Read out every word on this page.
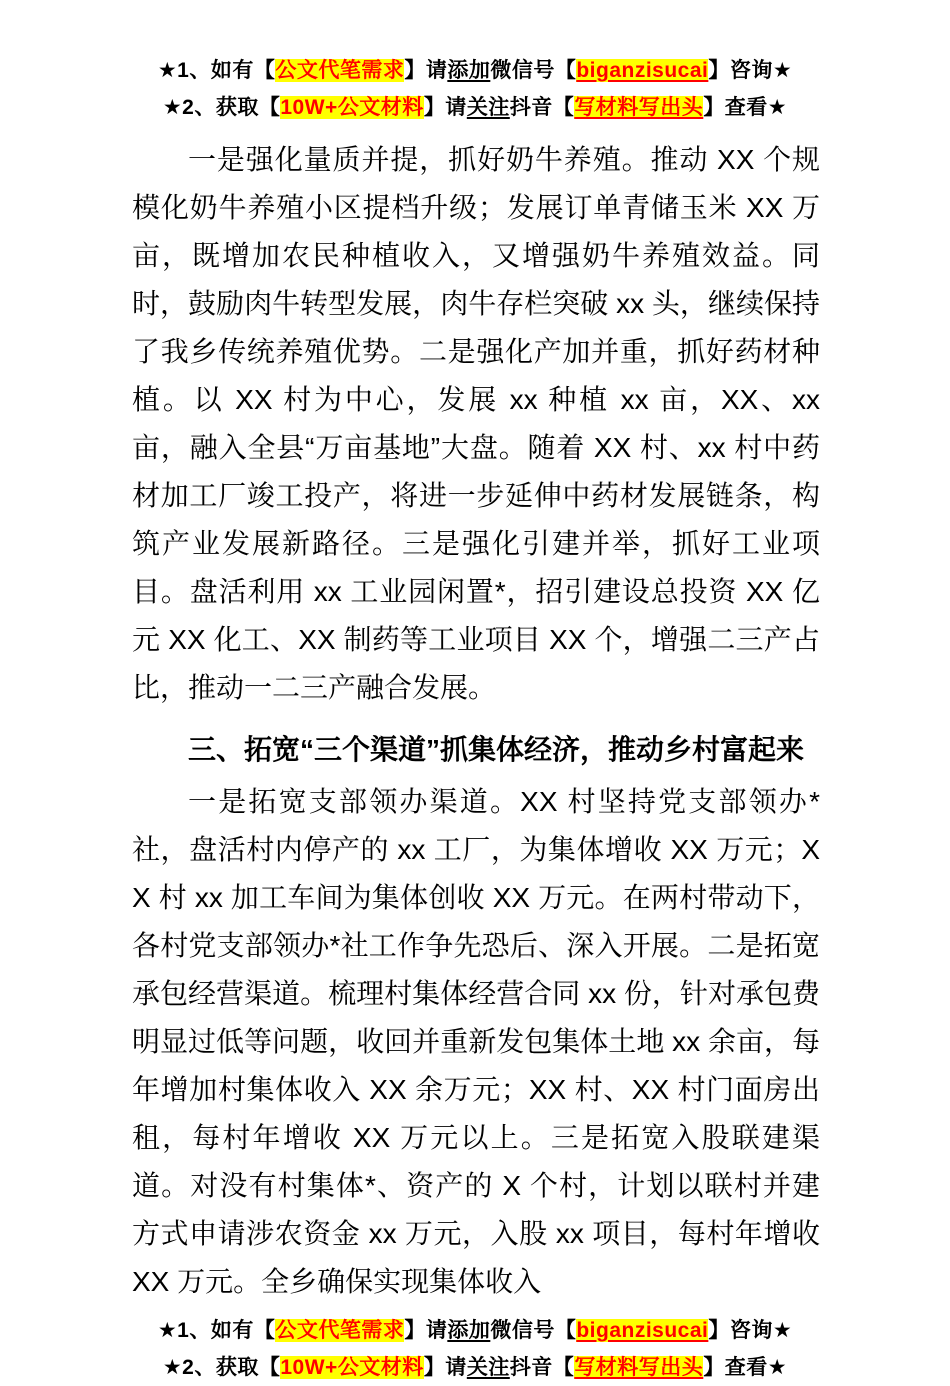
★1、如有【公文代笔需求】请添加微信号【biganzisucai】咨询★
★2、获取【10W+公文材料】请关注抖音【写材料写出头】查看★

一是强化量质并提，抓好奶牛养殖。推动 XX 个规模化奶牛养殖小区提档升级；发展订单青储玉米 XX 万亩，既增加农民种植收入，又增强奶牛养殖效益。同时，鼓励肉牛转型发展，肉牛存栏突破 xx 头，继续保持了我乡传统养殖优势。二是强化产加并重，抓好药材种植。以 XX 村为中心，发展 xx 种植 xx 亩，XX、xx 亩，融入全县“万亩基地”大盘。随着 XX 村、xx 村中药材加工厂竣工投产，将进一步延伸中药材发展链条，构筑产业发展新路径。三是强化引建并举，抓好工业项目。盘活利用 xx 工业园闲置*，招引建设总投资 XX 亿元 XX 化工、XX 制药等工业项目 XX 个，增强二三产占比，推动一二三产融合发展。

三、拓宽“三个渠道”抓集体经济，推动乡村富起来

一是拓宽支部领办渠道。XX 村坚持党支部领办*社，盘活村内停产的 xx 工厂，为集体增收 XX 万元；XX 村 xx 加工车间为集体创收 XX 万元。在两村带动下，各村党支部领办*社工作争先恐后、深入开展。二是拓宽承包经营渠道。梳理村集体经营合同 xx 份，针对承包费明显过低等问题，收回并重新发包集体土地 xx 余亩，每年增加村集体收入 XX 余万元；XX 村、XX 村门面房出租，每村年增收 XX 万元以上。三是拓宽入股联建渠道。对没有村集体*、资产的 X 个村，计划以联村并建方式申请涉农资金 xx 万元，入股 xx 项目，每村年增收 XX 万元。全乡确保实现集体收入

★1、如有【公文代笔需求】请添加微信号【biganzisucai】咨询★
★2、获取【10W+公文材料】请关注抖音【写材料写出头】查看★
